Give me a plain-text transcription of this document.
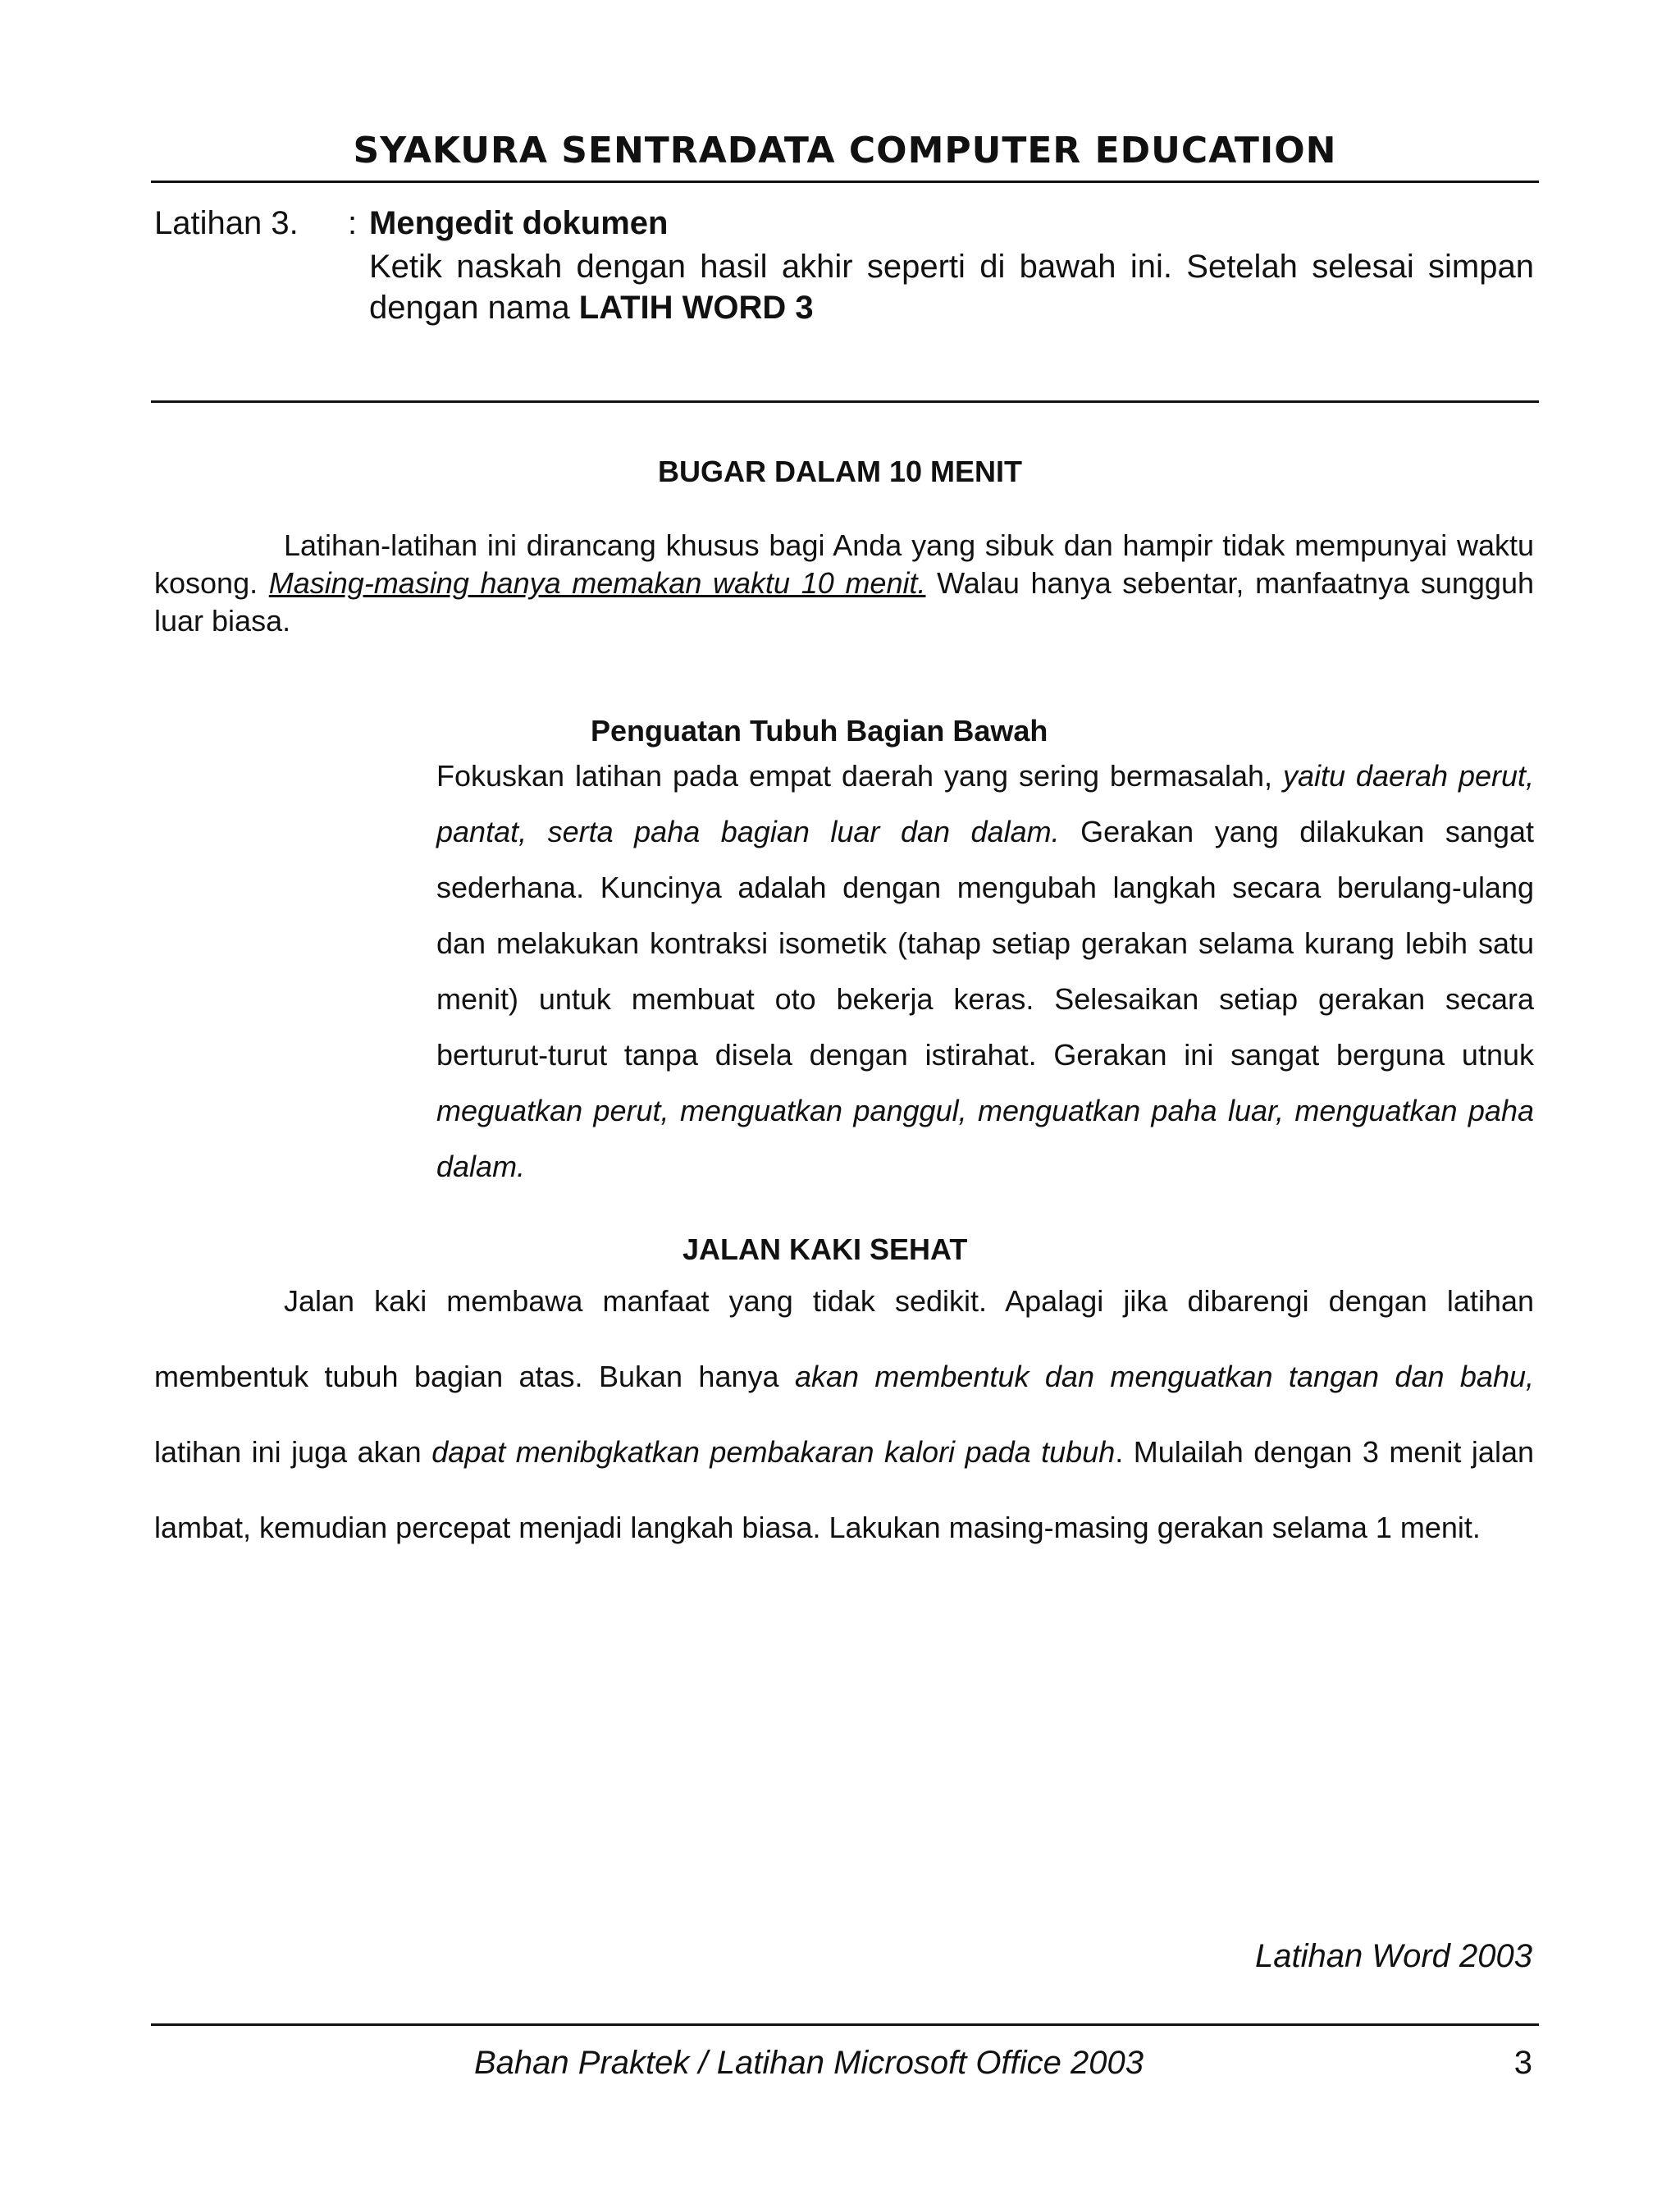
SYAKURA SENTRADATA COMPUTER EDUCATION
Latihan 3. : Mengedit dokumen
Ketik naskah dengan hasil akhir seperti di bawah ini. Setelah selesai simpan dengan nama LATIH WORD 3
BUGAR DALAM 10 MENIT
Latihan-latihan ini dirancang khusus bagi Anda yang sibuk dan hampir tidak mempunyai waktu kosong. Masing-masing hanya memakan waktu 10 menit. Walau hanya sebentar, manfaatnya sungguh luar biasa.
Penguatan Tubuh Bagian Bawah
Fokuskan latihan pada empat daerah yang sering bermasalah, yaitu daerah perut, pantat, serta paha bagian luar dan dalam. Gerakan yang dilakukan sangat sederhana. Kuncinya adalah dengan mengubah langkah secara berulang-ulang dan melakukan kontraksi isometik (tahap setiap gerakan selama kurang lebih satu menit) untuk membuat oto bekerja keras. Selesaikan setiap gerakan secara berturut-turut tanpa disela dengan istirahat. Gerakan ini sangat berguna utnuk meguatkan perut, menguatkan panggul, menguatkan paha luar, menguatkan paha dalam.
JALAN KAKI SEHAT
Jalan kaki membawa manfaat yang tidak sedikit. Apalagi jika dibarengi dengan latihan membentuk tubuh bagian atas. Bukan hanya akan membentuk dan menguatkan tangan dan bahu, latihan ini juga akan dapat menibgkatkan pembakaran kalori pada tubuh. Mulailah dengan 3 menit jalan lambat, kemudian percepat menjadi langkah biasa. Lakukan masing-masing gerakan selama 1 menit.
Latihan Word 2003
Bahan Praktek / Latihan Microsoft Office 2003	3
